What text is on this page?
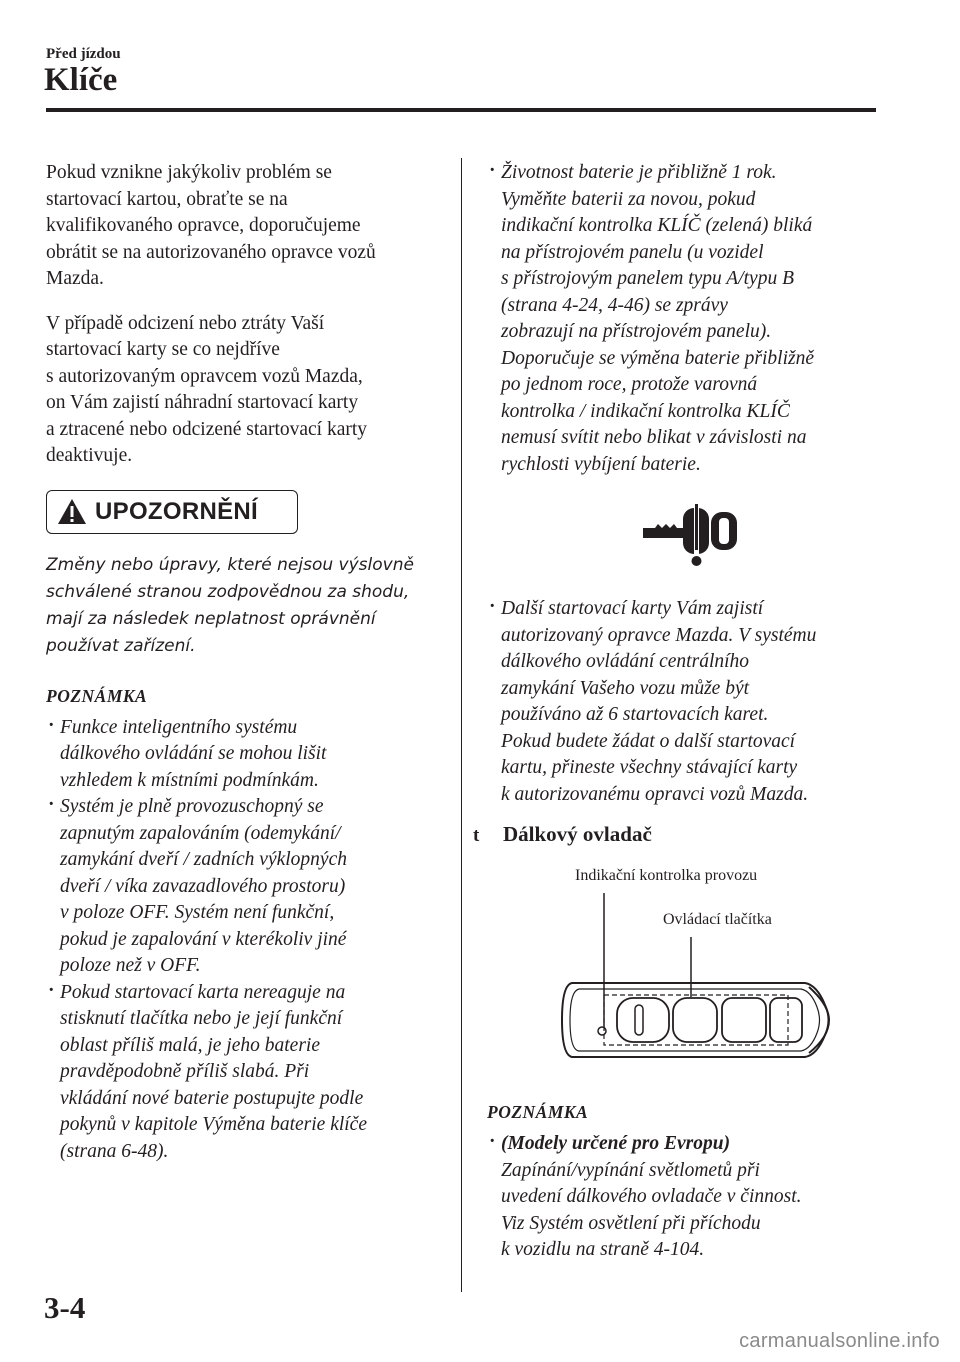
Před jízdou
Klíče

Pokud vznikne jakýkoliv problém se
startovací kartou, obraťte se na
kvalifikovaného opravce, doporučujeme
obrátit se na autorizovaného opravce vozů
Mazda.

V případě odcizení nebo ztráty Vaší
startovací karty se co nejdříve
s autorizovaným opravcem vozů Mazda,
on Vám zajistí náhradní startovací karty
a ztracené nebo odcizené startovací karty
deaktivuje.

UPOZORNĚNÍ

Změny nebo úpravy, které nejsou výslovně
schválené stranou zodpovědnou za shodu,
mají za následek neplatnost oprávnění
používat zařízení.

POZNÁMKA
· Funkce inteligentního systému
dálkového ovládání se mohou lišit
vzhledem k místními podmínkám.
· Systém je plně provozuschopný se
zapnutým zapalováním (odemykání/
zamykání dveří / zadních výklopných
dveří / víka zavazadlového prostoru)
v poloze OFF. Systém není funkční,
pokud je zapalování v kterékoliv jiné
poloze než v OFF.
· Pokud startovací karta nereaguje na
stisknutí tlačítka nebo je její funkční
oblast příliš malá, je jeho baterie
pravděpodobně příliš slabá. Při
vkládání nové baterie postupujte podle
pokynů v kapitole Výměna baterie klíče
(strana 6-48).
· Životnost baterie je přibližně 1 rok.
Vyměňte baterii za novou, pokud
indikační kontrolka KLÍČ (zelená) bliká
na přístrojovém panelu (u vozidel
s přístrojovým panelem typu A/typu B
(strana 4-24, 4-46) se zprávy
zobrazují na přístrojovém panelu).
Doporučuje se výměna baterie přibližně
po jednom roce, protože varovná
kontrolka / indikační kontrolka KLÍČ
nemusí svítit nebo blikat v závislosti na
rychlosti vybíjení baterie.
· Další startovací karty Vám zajistí
autorizovaný opravce Mazda. V systému
dálkového ovládání centrálního
zamykání Vašeho vozu může být
používáno až 6 startovacích karet.
Pokud budete žádat o další startovací
kartu, přineste všechny stávající karty
k autorizovanému opravci vozů Mazda.
t	Dálkový ovladač
Indikační kontrolka provozu
Ovládací tlačítka
POZNÁMKA
· (Modely určené pro Evropu)
Zapínání/vypínání světlometů při
uvedení dálkového ovladače v činnost.
Viz Systém osvětlení při příchodu
k vozidlu na straně 4-104.
3-4
carmanualsonline.info
